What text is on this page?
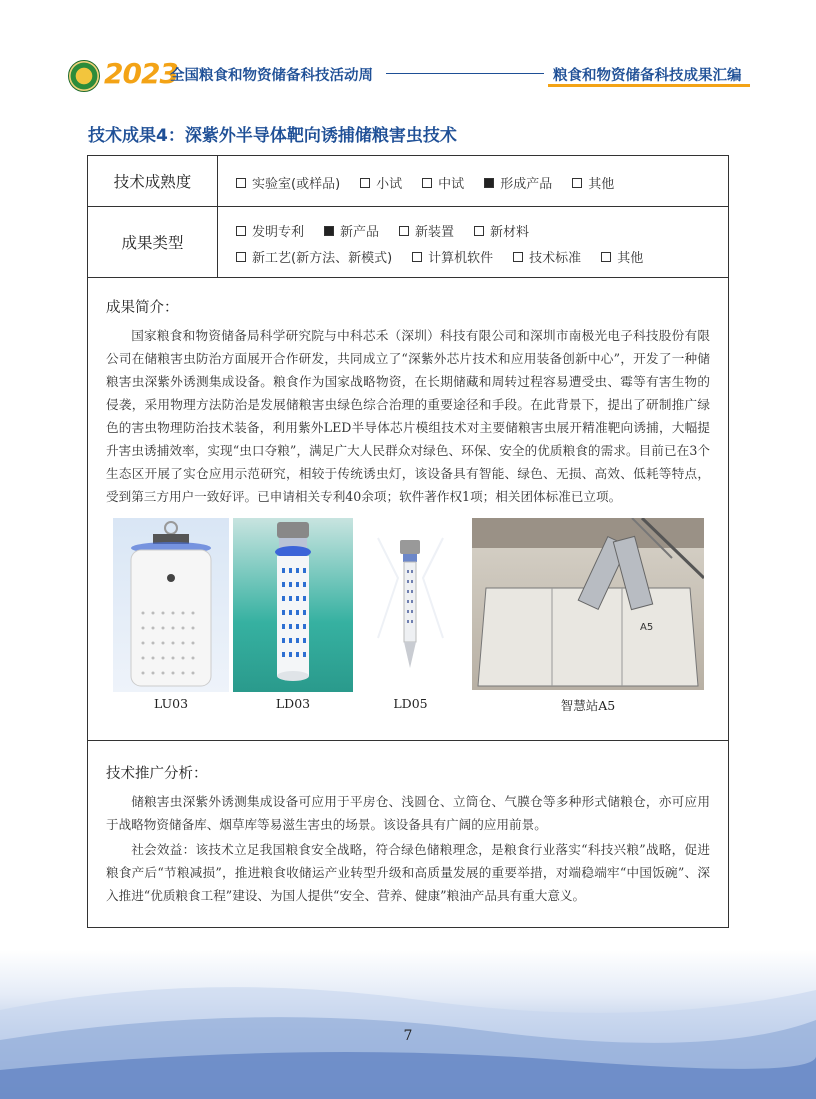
2023
全国粮食和物资储备科技活动周	粮食和物资储备科技成果汇编
技术成果4：深紫外半导体靶向诱捕储粮害虫技术
技术成熟度	实验室(或样品)	小试	中试	形成产品	其他
成果类型
发明专利	新产品	新装置	新材料
新工艺(新方法、新模式)	计算机软件	技术标准	其他
成果简介：

国家粮食和物资储备局科学研究院与中科芯禾（深圳）科技有限公司和深圳市南极光电子科技股份有限公司在储粮害虫防治方面展开合作研发，共同成立了“深紫外芯片技术和应用装备创新中心”，开发了一种储粮害虫深紫外诱测集成设备。粮食作为国家战略物资，在长期储藏和周转过程容易遭受虫、霉等有害生物的侵袭，采用物理方法防治是发展储粮害虫绿色综合治理的重要途径和手段。在此背景下，提出了研制推广绿色的害虫物理防治技术装备，利用紫外LED半导体芯片模组技术对主要储粮害虫展开精准靶向诱捕，大幅提升害虫诱捕效率，实现“虫口夺粮”，满足广大人民群众对绿色、环保、安全的优质粮食的需求。目前已在3个生态区开展了实仓应用示范研究，相较于传统诱虫灯，该设备具有智能、绿色、无损、高效、低耗等特点，受到第三方用户一致好评。已申请相关专利40余项；软件著作权1项；相关团体标准已立项。

LU03	LD03	LD05
A5
智慧站A5
技术推广分析：

储粮害虫深紫外诱测集成设备可应用于平房仓、浅圆仓、立筒仓、气膜仓等多种形式储粮仓，亦可应用于战略物资储备库、烟草库等易滋生害虫的场景。该设备具有广阔的应用前景。

社会效益：该技术立足我国粮食安全战略，符合绿色储粮理念，是粮食行业落实“科技兴粮”战略，促进粮食产后“节粮减损”，推进粮食收储运产业转型升级和高质量发展的重要举措，对端稳端牢“中国饭碗”、深入推进“优质粮食工程”建设、为国人提供“安全、营养、健康”粮油产品具有重大意义。

7
